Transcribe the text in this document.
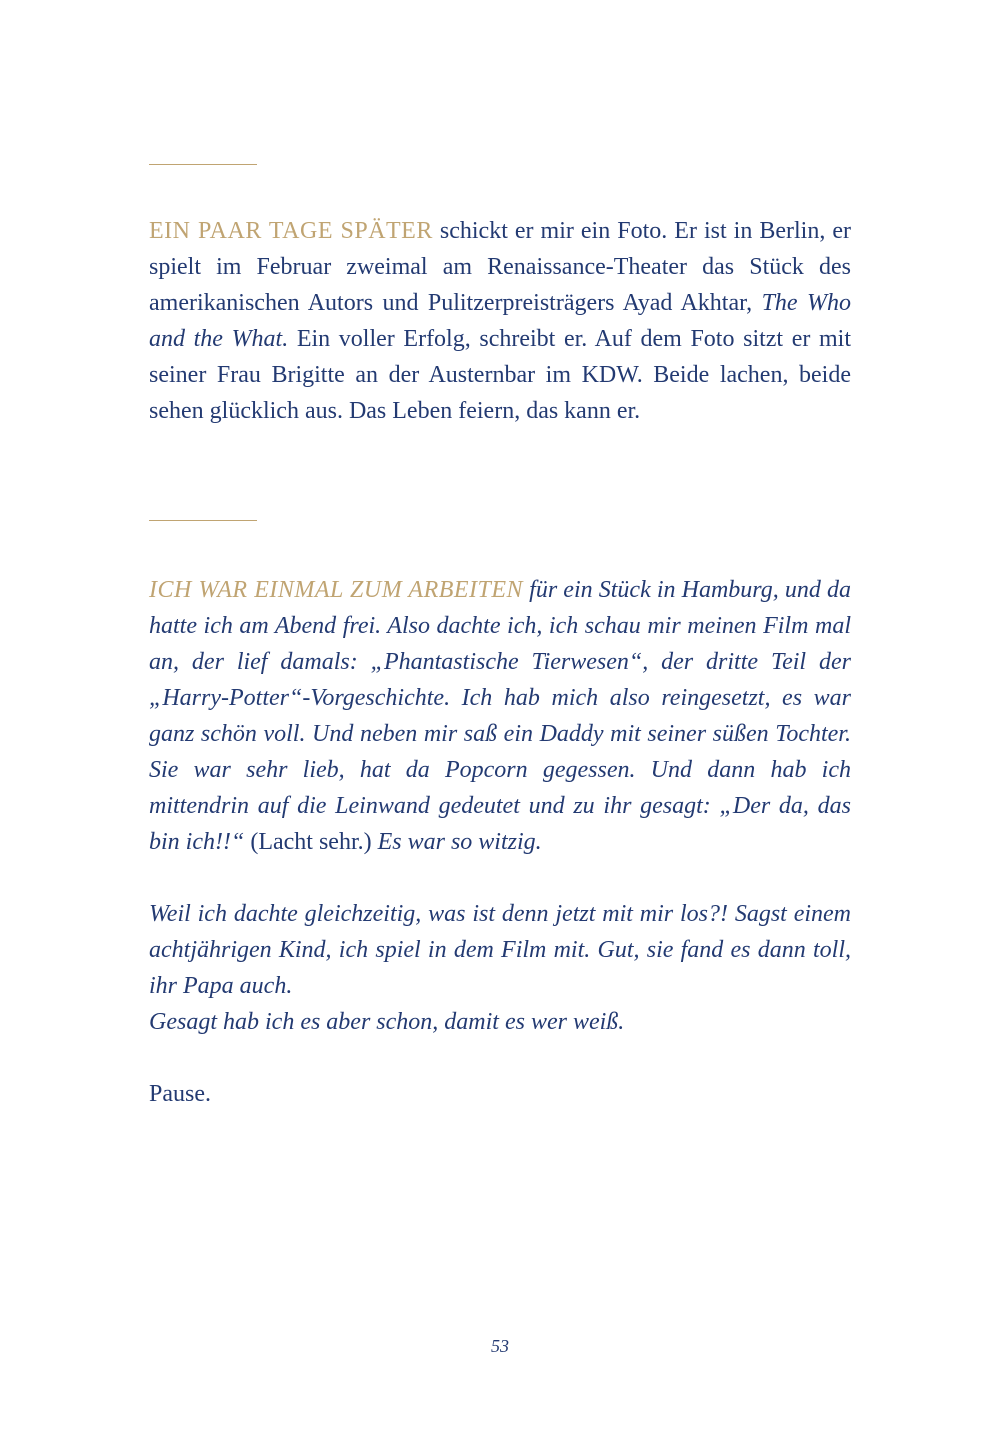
EIN PAAR TAGE SPÄTER schickt er mir ein Foto. Er ist in Berlin, er spielt im Februar zweimal am Renaissance-Theater das Stück des amerikanischen Autors und Pulitzerpreisträgers Ayad Akhtar, The Who and the What. Ein voller Erfolg, schreibt er. Auf dem Foto sitzt er mit seiner Frau Brigitte an der Austernbar im KDW. Beide lachen, beide sehen glücklich aus. Das Leben feiern, das kann er.

ICH WAR EINMAL ZUM ARBEITEN für ein Stück in Hamburg, und da hatte ich am Abend frei. Also dachte ich, ich schau mir meinen Film mal an, der lief damals: „Phantastische Tierwesen“, der dritte Teil der „Harry-Potter“-Vorgeschichte. Ich hab mich also reingesetzt, es war ganz schön voll. Und neben mir saß ein Daddy mit seiner süßen Tochter. Sie war sehr lieb, hat da Popcorn gegessen. Und dann hab ich mittendrin auf die Leinwand gedeutet und zu ihr gesagt: „Der da, das bin ich!!“ (Lacht sehr.) Es war so witzig.

Weil ich dachte gleichzeitig, was ist denn jetzt mit mir los?! Sagst einem achtjährigen Kind, ich spiel in dem Film mit. Gut, sie fand es dann toll, ihr Papa auch.

Gesagt hab ich es aber schon, damit es wer weiß.

Pause.

53
